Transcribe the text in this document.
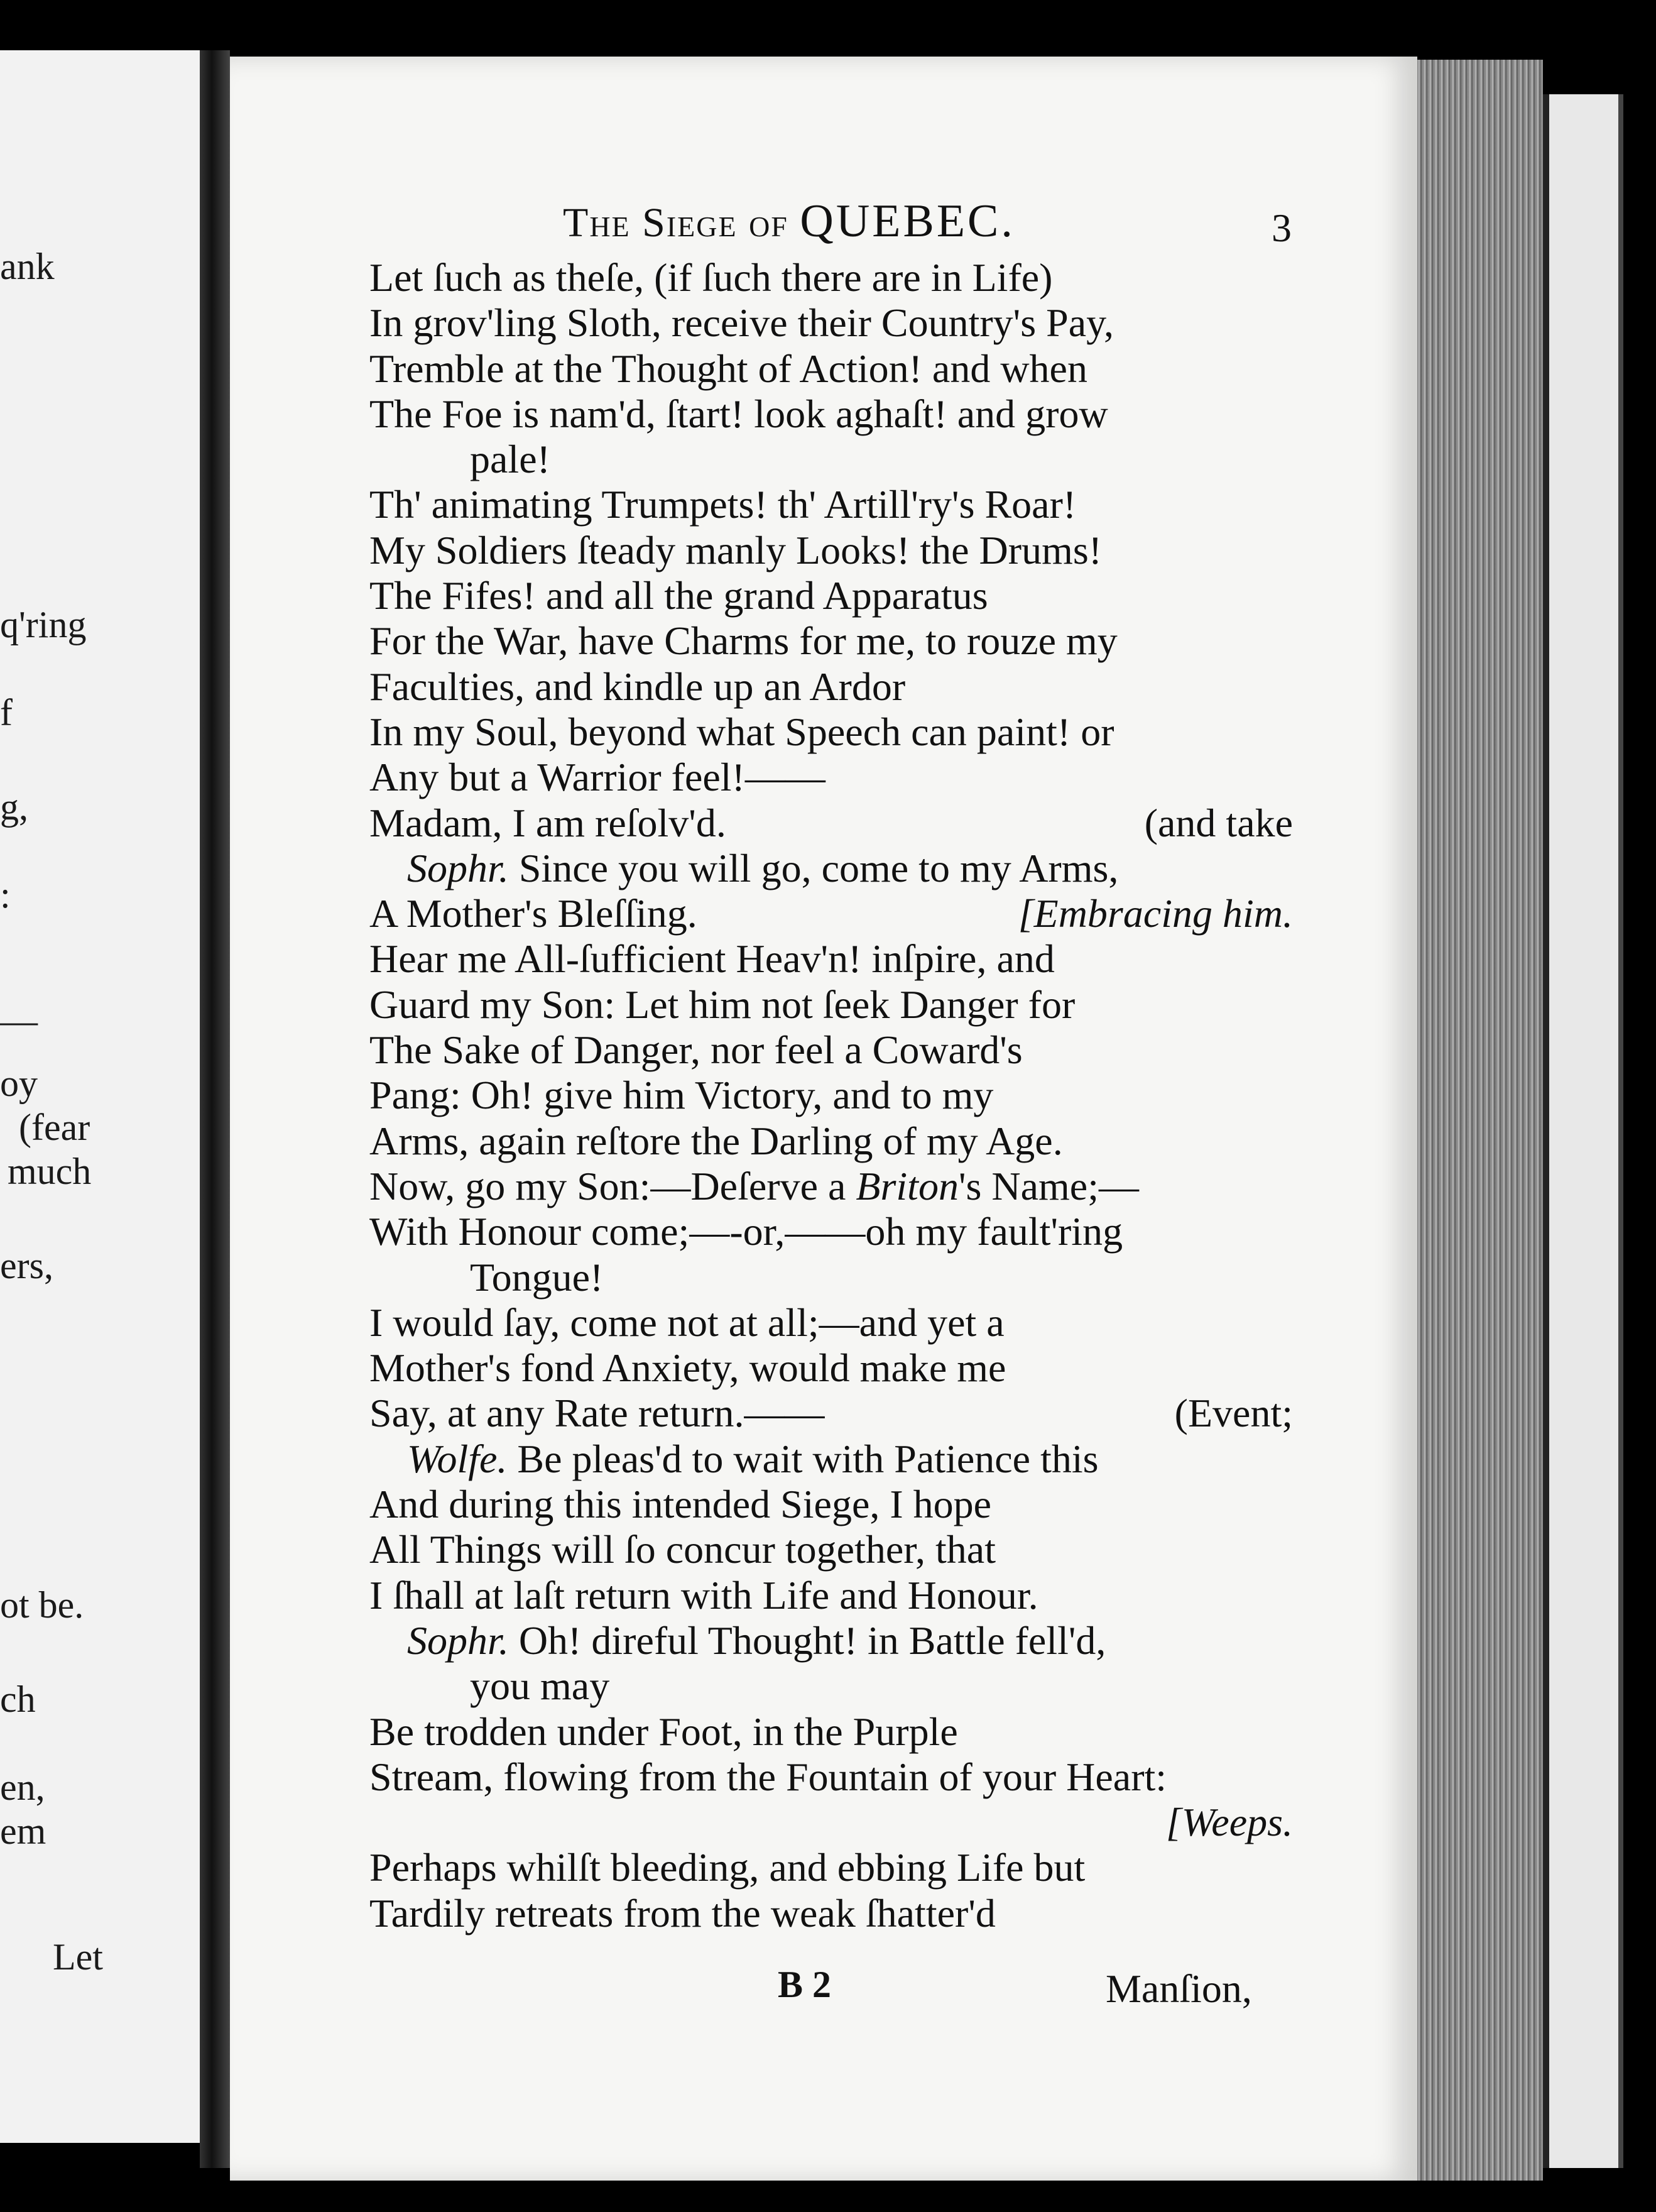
ank
q'ring
f
g,
:
—
oy
(fear
much
ers,
ot be.
ch
en,
em
Let
The Siege of QUEBEC.	3
Let ſuch as theſe, (if ſuch there are in Life)
In grov'ling Sloth, receive their Country's Pay,
Tremble at the Thought of Action! and when
The Foe is nam'd, ſtart! look aghaſt! and grow
pale!
Th' animating Trumpets! th' Artill'ry's Roar!
My Soldiers ſteady manly Looks! the Drums!
The Fifes! and all the grand Apparatus
For the War, have Charms for me, to rouze my
Faculties, and kindle up an Ardor
In my Soul, beyond what Speech can paint! or
Any but a Warrior feel!——
Madam, I am reſolv'd.	(and take
Sophr. Since you will go, come to my Arms,
A Mother's Bleſſing.	[Embracing him.
Hear me All-ſufficient Heav'n! inſpire, and
Guard my Son: Let him not ſeek Danger for
The Sake of Danger, nor feel a Coward's
Pang: Oh! give him Victory, and to my
Arms, again reſtore the Darling of my Age.
Now, go my Son:—Deſerve a Briton's Name;—
With Honour come;—-or,——oh my fault'ring
Tongue!
I would ſay, come not at all;—and yet a
Mother's fond Anxiety, would make me
Say, at any Rate return.——	(Event;
Wolfe. Be pleas'd to wait with Patience this
And during this intended Siege, I hope
All Things will ſo concur together, that
I ſhall at laſt return with Life and Honour.
Sophr. Oh! direful Thought! in Battle fell'd,
you may
Be trodden under Foot, in the Purple
Stream, flowing from the Fountain of your Heart:
[Weeps.
Perhaps whilſt bleeding, and ebbing Life but
Tardily retreats from the weak ſhatter'd
B 2	Manſion,
